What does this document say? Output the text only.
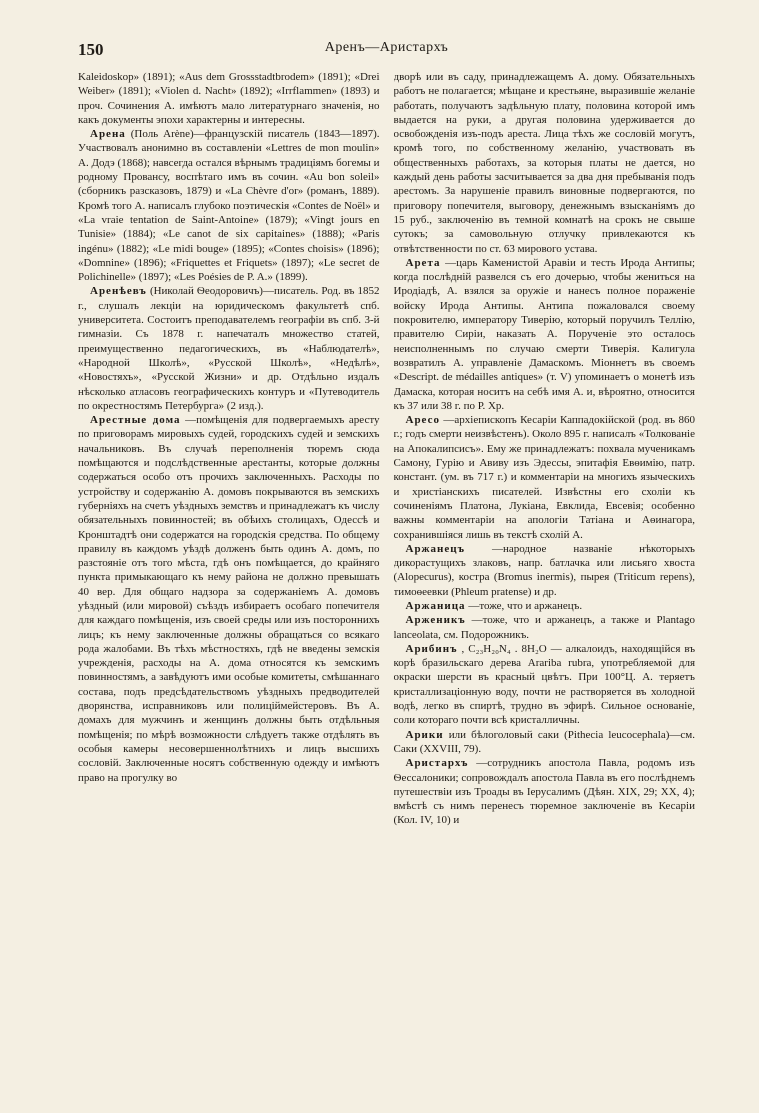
150	Аренъ—Аристархъ

Kaleidoskop» (1891); «Aus dem Grossstadtbrodem» (1891); «Drei Weiber» (1891); «Violen d. Nacht» (1892); «Irrflammen» (1893) и проч. Сочинения А. имѣютъ мало литературнаго значенія, но какъ документы эпохи характерны и интересны.

Арена (Поль Arène)—французскій писатель (1843—1897). Участвовалъ анонимно въ составленіи «Lettres de mon moulin» А. Додэ (1868); навсегда остался вѣрнымъ традиціямъ богемы и родному Провансу, воспѣтаго имъ въ сочин. «Au bon soleil» (сборникъ разсказовъ, 1879) и «La Chèvre d'or» (романъ, 1889). Кромѣ того А. написалъ глубоко поэтическія «Contes de Noël» и «La vraie tentation de Saint-Antoine» (1879); «Vingt jours en Tunisie» (1884); «Le canot de six capitaines» (1888); «Paris ingénu» (1882); «Le midi bouge» (1895); «Contes choisis» (1896); «Domnine» (1896); «Friquettes et Friquets» (1897); «Le secret de Polichinelle» (1897); «Les Poésies de P. A.» (1899).

Аренѣевъ (Николай Ѳеодоровичъ)—писатель. Род. въ 1852 г., слушалъ лекціи на юридическомъ факультетѣ спб. университета. Состоитъ преподавателемъ географіи въ спб. 3-й гимназіи. Съ 1878 г. напечаталъ множество статей, преимущественно педагогическихъ, въ «Наблюдателѣ», «Народной Школѣ», «Русской Школѣ», «Недѣлѣ», «Новостяхъ», «Русской Жизни» и др. Отдѣльно издалъ нѣсколько атласовъ географическихъ контуръ и «Путеводитель по окрестностямъ Петербурга» (2 изд.).

Арестные дома —помѣщенія для подвергаемыхъ аресту по приговорамъ мировыхъ судей, городскихъ судей и земскихъ начальниковъ. Въ случаѣ переполненія тюремъ сюда помѣщаются и подслѣдственные арестанты, которые должны содержаться особо отъ прочихъ заключенныхъ. Расходы по устройству и содержанію А. домовъ покрываются въ земскихъ губерніяхъ на счетъ уѣздныхъ земствъ и принадлежатъ къ числу обязательныхъ повинностей; въ обѣихъ столицахъ, Одессѣ и Кронштадтѣ они содержатся на городскія средства. По общему правилу въ каждомъ уѣздѣ долженъ быть одинъ А. домъ, по разстояніе отъ того мѣста, гдѣ онъ помѣщается, до крайняго пункта примыкающаго къ нему района не должно превышать 40 вер. Для общаго надзора за содержаніемъ А. домовъ уѣздный (или мировой) съѣздъ избираетъ особаго попечителя для каждаго помѣщенія, изъ своей среды или изъ постороннихъ лицъ; къ нему заключенные должны обращаться со всякаго рода жалобами. Въ тѣхъ мѣстностяхъ, гдѣ не введены земскія учрежденія, расходы на А. дома относятся къ земскимъ повинностямъ, а завѣдуютъ ими особые комитеты, смѣшаннаго состава, подъ предсѣдательствомъ уѣздныхъ предводителей дворянства, исправниковъ или полиціймейстеровъ. Въ А. домахъ для мужчинъ и женщинъ должны быть отдѣльныя помѣщенія; по мѣрѣ возможности слѣдуетъ также отдѣлять въ особыя камеры несовершеннолѣтнихъ и лицъ высшихъ сословій. Заключенные носятъ собственную одежду и имѣютъ право на прогулку во

дворѣ или въ саду, принадлежащемъ А. дому. Обязательныхъ работъ не полагается; мѣщане и крестьяне, выразившіе желаніе работать, получаютъ задѣльную плату, половина которой имъ выдается на руки, а другая половина удерживается до освобожденія изъ-подъ ареста. Лица тѣхъ же сословій могутъ, кромѣ того, по собственному желанію, участвовать въ общественныхъ работахъ, за которыя платы не дается, но каждый день работы засчитывается за два дня пребыванія подъ арестомъ. За нарушеніе правилъ виновные подвергаются, по приговору попечителя, выговору, денежнымъ взысканіямъ до 15 руб., заключенію въ темной комнатѣ на срокъ не свыше сутокъ; за самовольную отлучку привлекаются къ отвѣтственности по ст. 63 мирового устава.

Арета —царь Каменистой Аравіи и тесть Ирода Антипы; когда послѣдній развелся съ его дочерью, чтобы жениться на Иродіадѣ, А. взялся за оружіе и нанесъ полное пораженіе войску Ирода Антипы. Антипа пожаловался своему покровителю, императору Тиверію, который поручилъ Теллію, правителю Сиріи, наказать А. Порученіе это осталось неисполненнымъ по случаю смерти Тиверія. Калигула возвратилъ А. управленіе Дамаскомъ. Міоннетъ въ своемъ «Descript. de médailles antiques» (т. V) упоминаетъ о монетѣ изъ Дамаска, которая носитъ на себѣ имя А. и, вѣроятно, относится къ 37 или 38 г. по Р. Хр.

Аресо —архіепископъ Кесаріи Каппадокійской (род. въ 860 г.; годъ смерти неизвѣстенъ). Около 895 г. написалъ «Толкованіе на Апокалипсисъ». Ему же принадлежатъ: похвала мученикамъ Самону, Гурію и Авиву изъ Эдессы, эпитафія Евѳимію, патр. констант. (ум. въ 717 г.) и комментаріи на многихъ языческихъ и христіанскихъ писателей. Извѣстны его схоліи къ сочиненіямъ Платона, Лукіана, Евклида, Евсевія; особенно важны комментаріи на апологіи Татіана и Аѳинагора, сохранившіяся лишь въ текстѣ схолій А.

Аржанецъ —народное названіе нѣкоторыхъ дикорастущихъ злаковъ, напр. батлачка или лисьяго хвоста (Alopecurus), костра (Bromus inermis), пырея (Triticum repens), тимоѳеевки (Phleum pratense) и др.

Аржаница —тоже, что и аржанецъ.

Арженикъ —тоже, что и аржанецъ, а также и Plantago lanceolata, см. Подорожникъ.

Арибинъ , C₂₃H₂₀N₄ . 8H₂O — алкалоидъ, находящійся въ корѣ бразильскаго дерева Arariba rubra, употребляемой для окраски шерсти въ красный цвѣтъ. При 100°Ц. А. теряетъ кристаллизаціонную воду, почти не растворяется въ холодной водѣ, легко въ спиртѣ, трудно въ эфирѣ. Сильное основаніе, соли котораго почти всѣ кристалличны.

Арики или бѣлоголовый саки (Pithecia leucocephala)—см. Саки (XXVIII, 79).

Аристархъ —сотрудникъ апостола Павла, родомъ изъ Ѳессалоники; сопровождалъ апостола Павла въ его послѣднемъ путешествіи изъ Троады въ Іерусалимъ (Дѣян. XIX, 29; XX, 4); вмѣстѣ съ нимъ перенесъ тюремное заключеніе въ Кесаріи (Кол. IV, 10) и
